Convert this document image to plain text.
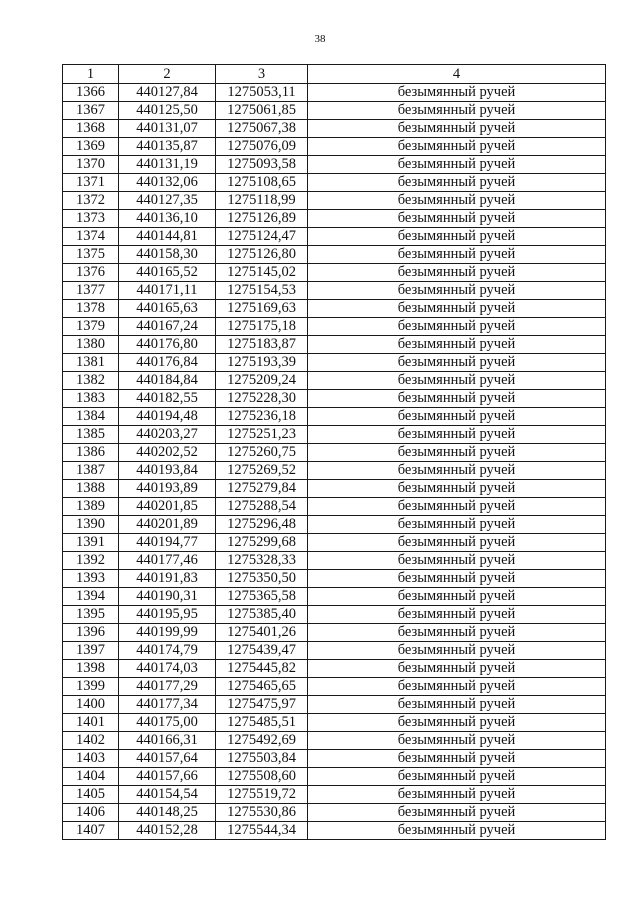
38
1	2	3	4
1366	440127,84	1275053,11	безымянный ручей
1367	440125,50	1275061,85	безымянный ручей
1368	440131,07	1275067,38	безымянный ручей
1369	440135,87	1275076,09	безымянный ручей
1370	440131,19	1275093,58	безымянный ручей
1371	440132,06	1275108,65	безымянный ручей
1372	440127,35	1275118,99	безымянный ручей
1373	440136,10	1275126,89	безымянный ручей
1374	440144,81	1275124,47	безымянный ручей
1375	440158,30	1275126,80	безымянный ручей
1376	440165,52	1275145,02	безымянный ручей
1377	440171,11	1275154,53	безымянный ручей
1378	440165,63	1275169,63	безымянный ручей
1379	440167,24	1275175,18	безымянный ручей
1380	440176,80	1275183,87	безымянный ручей
1381	440176,84	1275193,39	безымянный ручей
1382	440184,84	1275209,24	безымянный ручей
1383	440182,55	1275228,30	безымянный ручей
1384	440194,48	1275236,18	безымянный ручей
1385	440203,27	1275251,23	безымянный ручей
1386	440202,52	1275260,75	безымянный ручей
1387	440193,84	1275269,52	безымянный ручей
1388	440193,89	1275279,84	безымянный ручей
1389	440201,85	1275288,54	безымянный ручей
1390	440201,89	1275296,48	безымянный ручей
1391	440194,77	1275299,68	безымянный ручей
1392	440177,46	1275328,33	безымянный ручей
1393	440191,83	1275350,50	безымянный ручей
1394	440190,31	1275365,58	безымянный ручей
1395	440195,95	1275385,40	безымянный ручей
1396	440199,99	1275401,26	безымянный ручей
1397	440174,79	1275439,47	безымянный ручей
1398	440174,03	1275445,82	безымянный ручей
1399	440177,29	1275465,65	безымянный ручей
1400	440177,34	1275475,97	безымянный ручей
1401	440175,00	1275485,51	безымянный ручей
1402	440166,31	1275492,69	безымянный ручей
1403	440157,64	1275503,84	безымянный ручей
1404	440157,66	1275508,60	безымянный ручей
1405	440154,54	1275519,72	безымянный ручей
1406	440148,25	1275530,86	безымянный ручей
1407	440152,28	1275544,34	безымянный ручей
